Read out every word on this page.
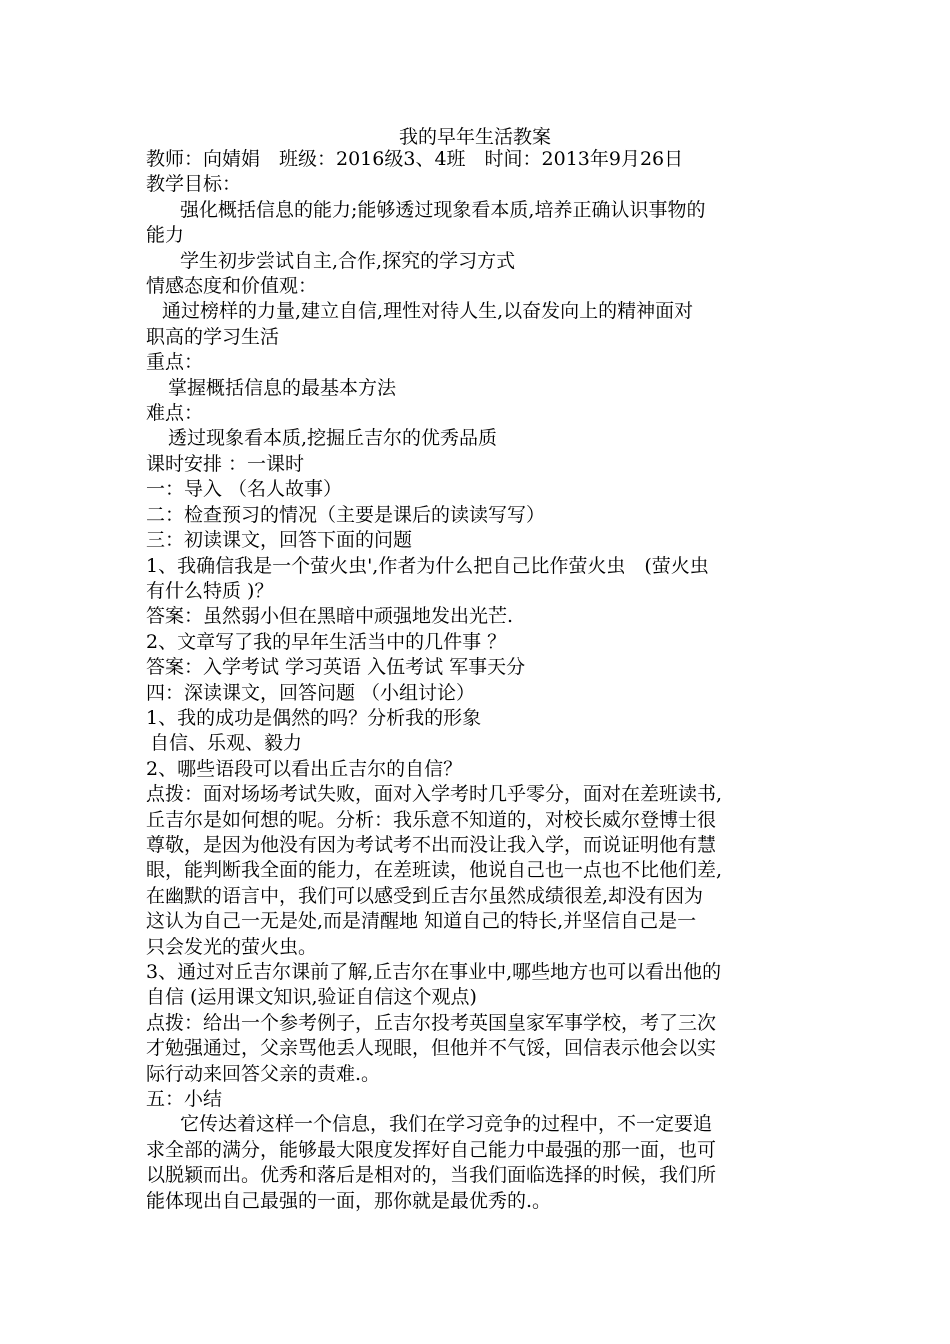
我的早年生活教案

教师：向婧娟　班级：2016级3、4班　时间：2013年9月26日

教学目标：

强化概括信息的能力;能够透过现象看本质,培养正确认识事物的

能力

学生初步尝试自主,合作,探究的学习方式

情感态度和价值观：

通过榜样的力量,建立自信,理性对待人生,以奋发向上的精神面对

职高的学习生活

重点：

掌握概括信息的最基本方法

难点：

透过现象看本质,挖掘丘吉尔的优秀品质

课时安排 ：一课时

一：导入 （名人故事）

二：检查预习的情况（主要是课后的读读写写）

三：初读课文，回答下面的问题

1、我确信我是一个萤火虫',作者为什么把自己比作萤火虫　(萤火虫

有什么特质 )？

答案：虽然弱小但在黑暗中顽强地发出光芒.

2、文章写了我的早年生活当中的几件事 ？

答案：入学考试 学习英语 入伍考试 军事天分

四：深读课文，回答问题 （小组讨论）

1、我的成功是偶然的吗？分析我的形象

自信、乐观、毅力

2、哪些语段可以看出丘吉尔的自信？

点拨：面对场场考试失败，面对入学考时几乎零分，面对在差班读书,

丘吉尔是如何想的呢。分析：我乐意不知道的，对校长威尔登博士很

尊敬，是因为他没有因为考试考不出而没让我入学，而说证明他有慧

眼，能判断我全面的能力，在差班读，他说自己也一点也不比他们差,

在幽默的语言中，我们可以感受到丘吉尔虽然成绩很差,却没有因为

这认为自己一无是处,而是清醒地 知道自己的特长,并坚信自己是一

只会发光的萤火虫。

3、通过对丘吉尔课前了解,丘吉尔在事业中,哪些地方也可以看出他的

自信 (运用课文知识,验证自信这个观点)

点拨：给出一个参考例子，丘吉尔投考英国皇家军事学校，考了三次

才勉强通过，父亲骂他丢人现眼，但他并不气馁，回信表示他会以实

际行动来回答父亲的责难.。

五：小结

它传达着这样一个信息，我们在学习竞争的过程中，不一定要追

求全部的满分，能够最大限度发挥好自己能力中最强的那一面，也可

以脱颖而出。优秀和落后是相对的，当我们面临选择的时候，我们所

能体现出自己最强的一面，那你就是最优秀的.。
